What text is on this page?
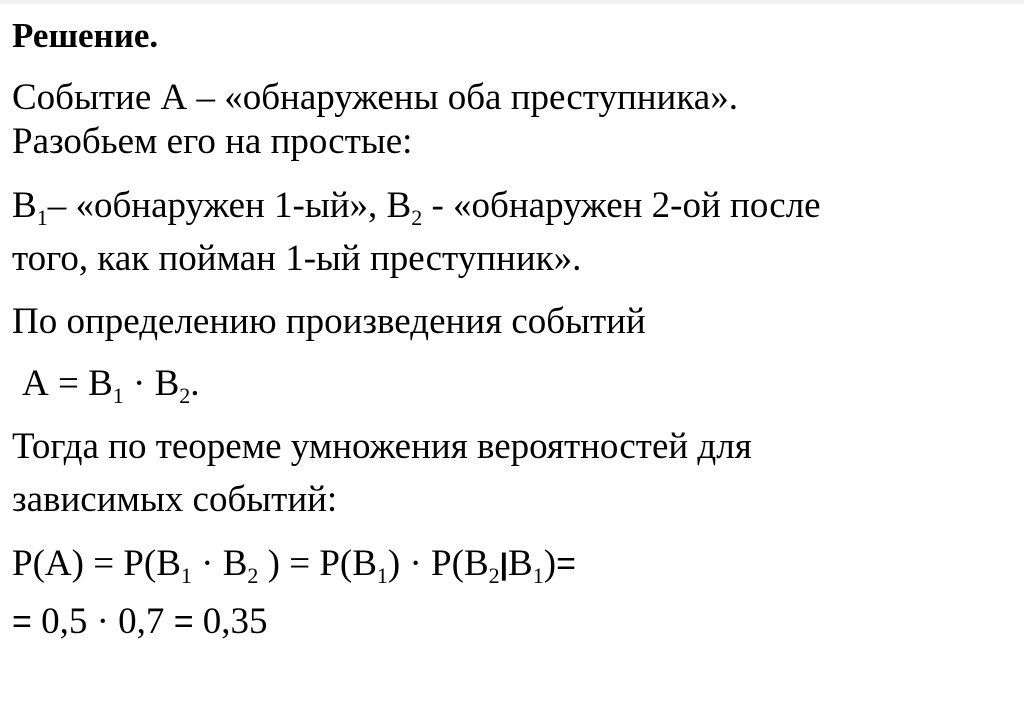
Решение.
Событие А – «обнаружены оба преступника».
Разобьем его на простые:
$В_1-$ «обнаружен 1-ый», $В_2$ - «обнаружен 2-ой после
того, как пойман 1-ый преступник».
По определению произведения событий
$А = В_1 \cdot В_2$.
Тогда по теореме умножения вероятностей для
зависимых событий:
$Р(А) = Р(В_1 \cdot В_2$ ) = $Р(В_1) \cdot Р(В_2|В_1)=$
= 0,5 · 0,7 = 0,35
